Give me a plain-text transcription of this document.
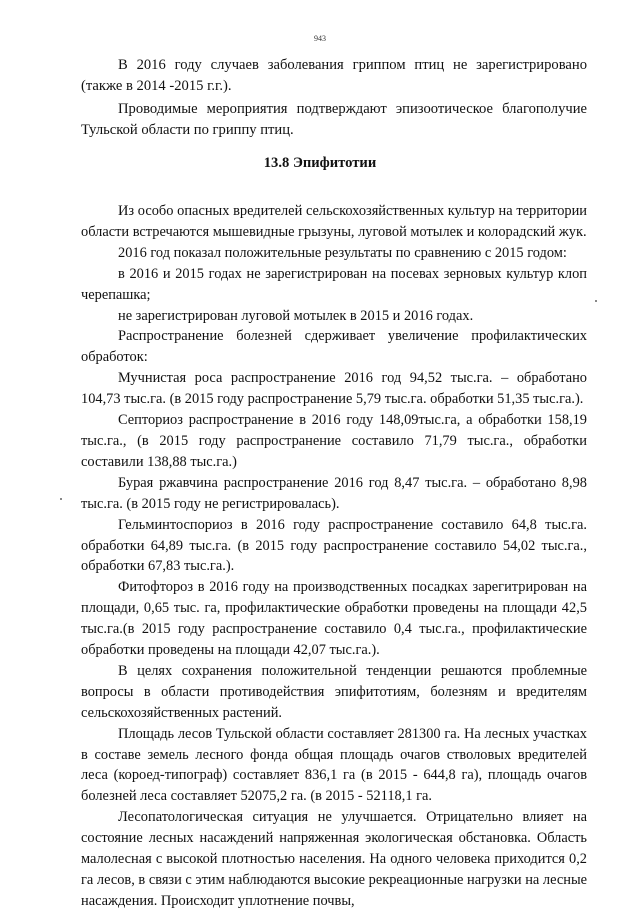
943

В 2016 году случаев заболевания гриппом птиц не зарегистрировано (также в 2014 -2015 г.г.).

Проводимые мероприятия подтверждают эпизоотическое благополучие Тульской области по гриппу птиц.

13.8 Эпифитотии

Из особо опасных вредителей сельскохозяйственных культур на территории области встречаются мышевидные грызуны, луговой мотылек и колорадский жук.

2016 год показал положительные результаты по сравнению с 2015 годом:

в 2016 и 2015 годах не зарегистрирован на посевах зерновых культур клоп черепашка;

не зарегистрирован луговой мотылек в 2015 и 2016 годах.

Распространение болезней сдерживает увеличение профилактических обработок:

Мучнистая роса распространение 2016 год 94,52 тыс.га. – обработано 104,73 тыс.га. (в 2015 году распространение 5,79 тыс.га. обработки 51,35 тыс.га.).

Септориоз распространение в 2016 году 148,09тыс.га, а обработки 158,19 тыс.га., (в 2015 году распространение составило 71,79 тыс.га., обработки составили 138,88 тыс.га.)

Бурая ржавчина распространение 2016 год 8,47 тыс.га. – обработано 8,98 тыс.га. (в 2015 году не регистрировалась).

Гельминтоспориоз в 2016 году распространение составило 64,8 тыс.га. обработки 64,89 тыс.га. (в 2015 году распространение составило 54,02 тыс.га., обработки 67,83 тыс.га.).

Фитофтороз в 2016 году на производственных посадках зарегитрирован на площади, 0,65 тыс. га, профилактические обработки проведены на площади 42,5 тыс.га.(в 2015 году распространение составило 0,4 тыс.га., профилактические обработки проведены на площади 42,07 тыс.га.).

В целях сохранения положительной тенденции решаются проблемные вопросы в области противодействия эпифитотиям, болезням и вредителям сельскохозяйственных растений.

Площадь лесов Тульской области составляет 281300 га. На лесных участках в составе земель лесного фонда общая площадь очагов стволовых вредителей леса (короед-типограф) составляет 836,1 га (в 2015 - 644,8 га), площадь очагов болезней леса составляет 52075,2 га. (в 2015 - 52118,1 га.

Лесопатологическая ситуация не улучшается. Отрицательно влияет на состояние лесных насаждений напряженная экологическая обстановка. Область малолесная с высокой плотностью населения. На одного человека приходится 0,2 га лесов, в связи с этим наблюдаются высокие рекреационные нагрузки на лесные насаждения. Происходит уплотнение почвы,
